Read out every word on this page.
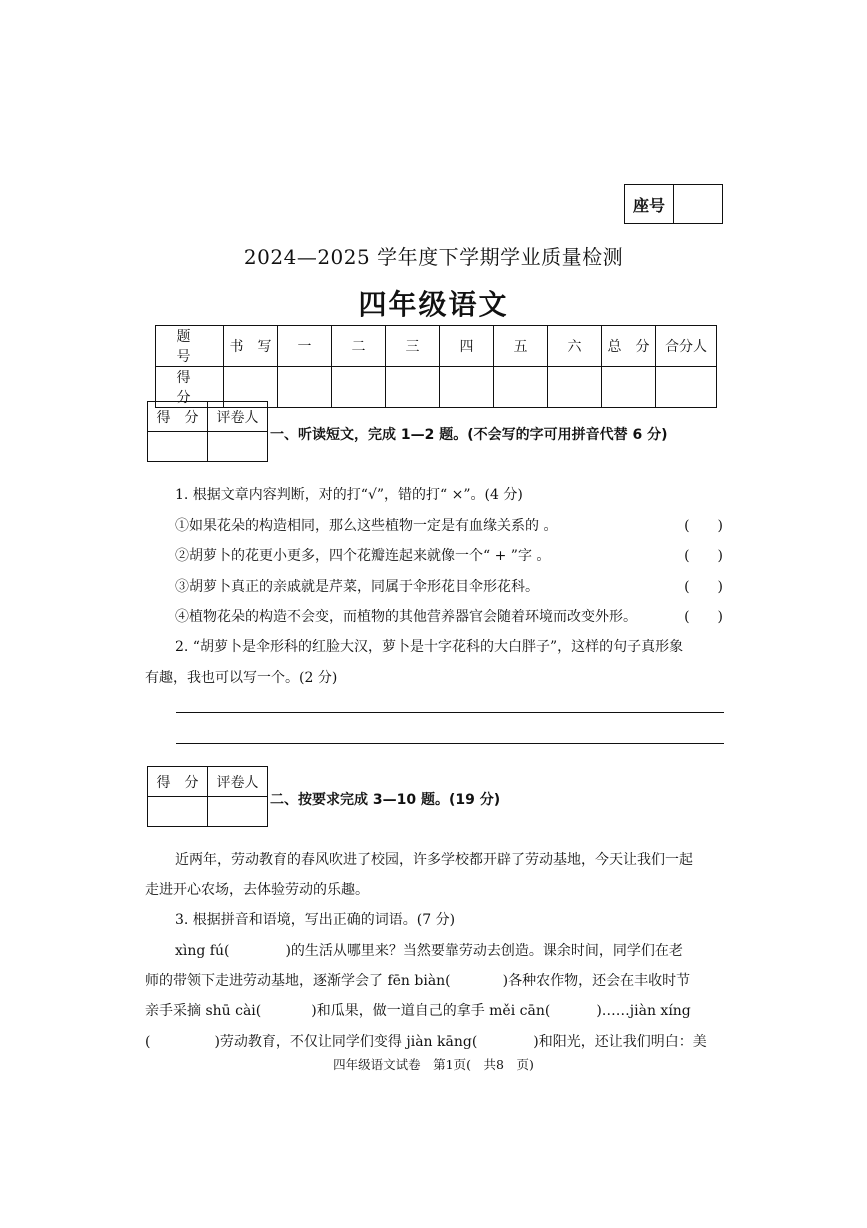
座号	
2024—2025 学年度下学期学业质量检测
四年级语文
题　号	书　写	一	二	三	四	五	六	总　分	合分人
得　分									
得　分	评卷人

一、听读短文，完成 1—2 题。(不会写的字可用拼音代替 6 分)
1. 根据文章内容判断，对的打“√”，错的打“ ×”。(4 分)
①如果花朵的构造相同，那么这些植物一定是有血缘关系的 。	(　　)
②胡萝卜的花更小更多，四个花瓣连起来就像一个“ + ”字 。	(　　)
③胡萝卜真正的亲戚就是芹菜，同属于伞形花目伞形花科。	(　　)
④植物花朵的构造不会变，而植物的其他营养器官会随着环境而改变外形。	(　　)
2. “胡萝卜是伞形科的红脸大汉，萝卜是十字花科的大白胖子”，这样的句子真形象
有趣，我也可以写一个。(2 分)
得　分	评卷人

二、按要求完成 3—10 题。(19 分)
近两年，劳动教育的春风吹进了校园，许多学校都开辟了劳动基地，今天让我们一起
走进开心农场，去体验劳动的乐趣。
3. 根据拼音和语境，写出正确的词语。(7 分)
xìng fú(	)的生活从哪里来？当然要靠劳动去创造。课余时间，同学们在老
师的带领下走进劳动基地，逐渐学会了 fēn biàn(	)各种农作物，还会在丰收时节
亲手采摘 shū cài(	)和瓜果，做一道自己的拿手 měi cān(	)……jiàn xíng
(	)劳动教育，不仅让同学们变得 jiàn kāng(	)和阳光，还让我们明白：美
四年级语文试卷　第1页(　共8　页)
